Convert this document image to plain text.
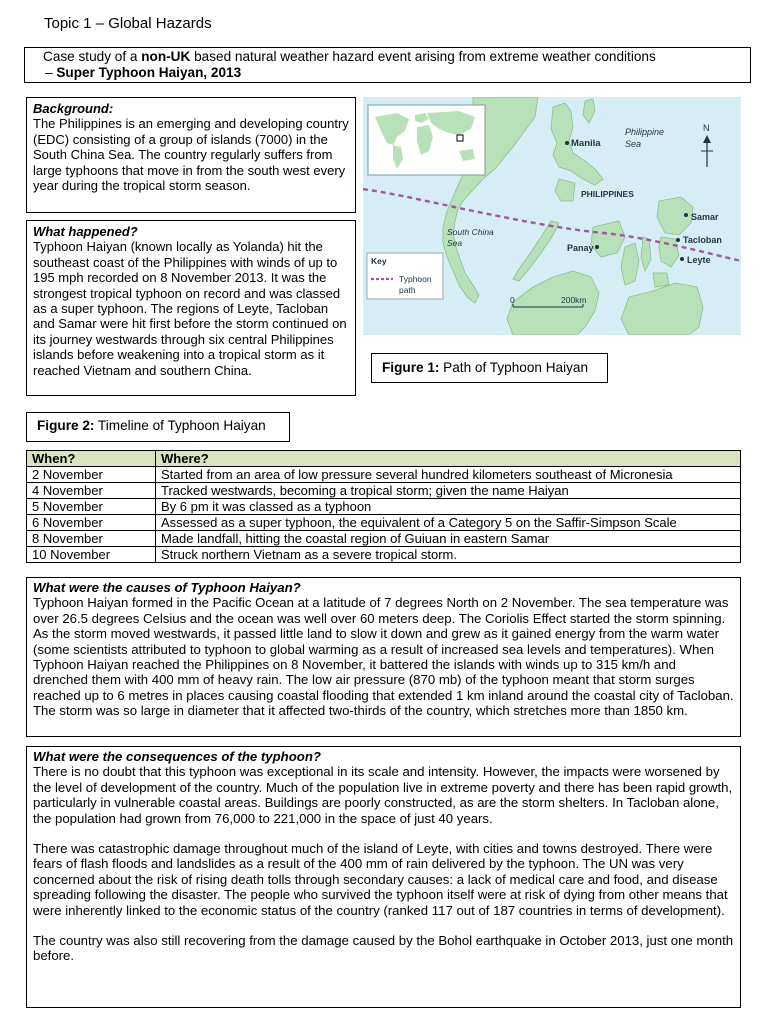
Topic 1 – Global Hazards
Case study of a non-UK based natural weather hazard event arising from extreme weather conditions
– Super Typhoon Haiyan, 2013
Background:
The Philippines is an emerging and developing country (EDC) consisting of a group of islands (7000) in the South China Sea. The country regularly suffers from large typhoons that move in from the south west every year during the tropical storm season.
What happened?
Typhoon Haiyan (known locally as Yolanda) hit the southeast coast of the Philippines with winds of up to 195 mph recorded on 8 November 2013. It was the strongest tropical typhoon on record and was classed as a super typhoon. The regions of Leyte, Tacloban and Samar were hit first before the storm continued on its journey westwards through six central Philippines islands before weakening into a tropical storm as it reached Vietnam and southern China.
Manila
Philippine
Sea
PHILIPPINES
Samar
Tacloban
Leyte
Panay
South China
Sea
N
Key
Typhoon
path
0	200km
Figure 1: Path of Typhoon Haiyan
Figure 2: Timeline of Typhoon Haiyan
When?	Where?
2 November	Started from an area of low pressure several hundred kilometers southeast of Micronesia
4 November	Tracked westwards, becoming a tropical storm; given the name Haiyan
5 November	By 6 pm it was classed as a typhoon
6 November	Assessed as a super typhoon, the equivalent of a Category 5 on the Saffir-Simpson Scale
8 November	Made landfall, hitting the coastal region of Guiuan in eastern Samar
10 November	Struck northern Vietnam as a severe tropical storm.
What were the causes of Typhoon Haiyan?
Typhoon Haiyan formed in the Pacific Ocean at a latitude of 7 degrees North on 2 November. The sea temperature was over 26.5 degrees Celsius and the ocean was well over 60 meters deep. The Coriolis Effect started the storm spinning. As the storm moved westwards, it passed little land to slow it down and grew as it gained energy from the warm water (some scientists attributed to typhoon to global warming as a result of increased sea levels and temperatures). When Typhoon Haiyan reached the Philippines on 8 November, it battered the islands with winds up to 315 km/h and drenched them with 400 mm of heavy rain. The low air pressure (870 mb) of the typhoon meant that storm surges reached up to 6 metres in places causing coastal flooding that extended 1 km inland around the coastal city of Tacloban. The storm was so large in diameter that it affected two-thirds of the country, which stretches more than 1850 km.
What were the consequences of the typhoon?

There is no doubt that this typhoon was exceptional in its scale and intensity. However, the impacts were worsened by the level of development of the country. Much of the population live in extreme poverty and there has been rapid growth, particularly in vulnerable coastal areas. Buildings are poorly constructed, as are the storm shelters. In Tacloban alone, the population had grown from 76,000 to 221,000 in the space of just 40 years.

There was catastrophic damage throughout much of the island of Leyte, with cities and towns destroyed. There were fears of flash floods and landslides as a result of the 400 mm of rain delivered by the typhoon. The UN was very concerned about the risk of rising death tolls through secondary causes: a lack of medical care and food, and disease spreading following the disaster. The people who survived the typhoon itself were at risk of dying from other means that were inherently linked to the economic status of the country (ranked 117 out of 187 countries in terms of development).

The country was also still recovering from the damage caused by the Bohol earthquake in October 2013, just one month before.
